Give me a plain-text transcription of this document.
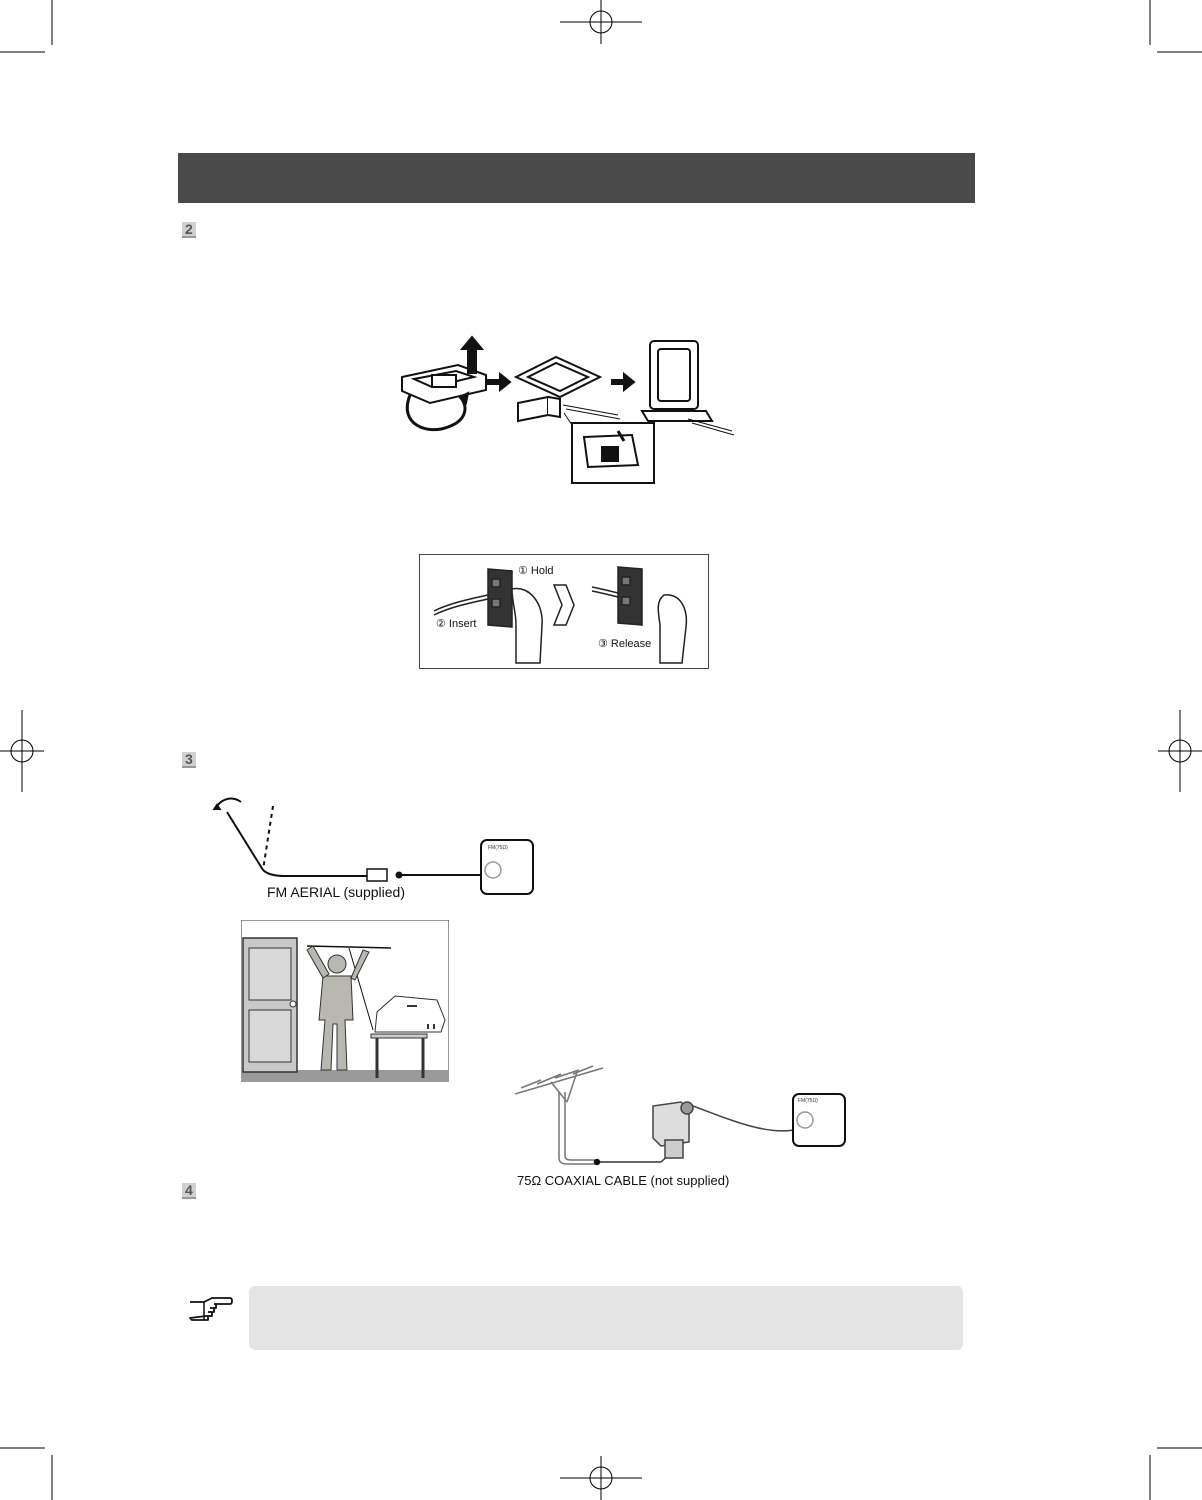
2
3
4
① Hold
② Insert
③ Release
FM(75Ω)
FM AERIAL (supplied)
FM(75Ω)
75Ω COAXIAL CABLE (not supplied)
